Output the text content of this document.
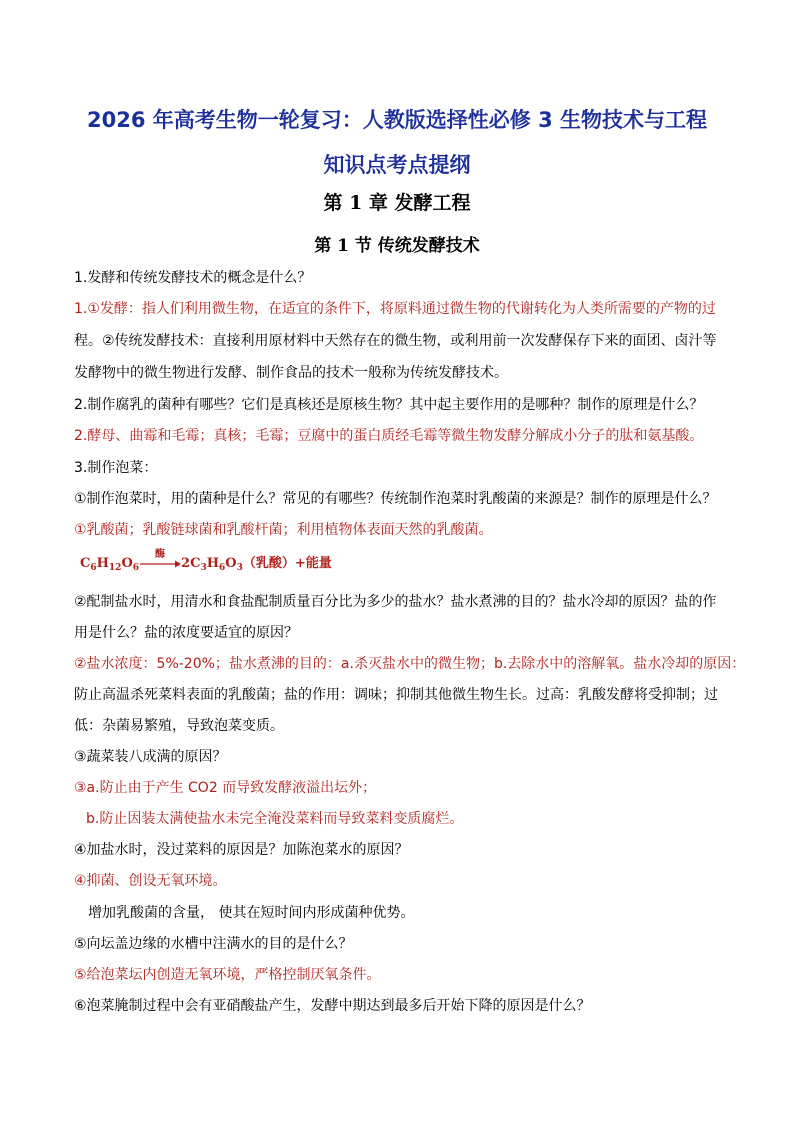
2026 年高考生物一轮复习：人教版选择性必修 3 生物技术与工程
知识点考点提纲
第 1 章 发酵工程
第 1 节 传统发酵技术
1.发酵和传统发酵技术的概念是什么？
1.①发酵：指人们利用微生物，在适宜的条件下，将原料通过微生物的代谢转化为人类所需要的产物的过
程。②传统发酵技术：直接利用原材料中天然存在的微生物，或利用前一次发酵保存下来的面团、卤汁等
发酵物中的微生物进行发酵、制作食品的技术一般称为传统发酵技术。
2.制作腐乳的菌种有哪些？它们是真核还是原核生物？其中起主要作用的是哪种？制作的原理是什么？
2.酵母、曲霉和毛霉；真核；毛霉；豆腐中的蛋白质经毛霉等微生物发酵分解成小分子的肽和氨基酸。
3.制作泡菜：
①制作泡菜时，用的菌种是什么？常见的有哪些？传统制作泡菜时乳酸菌的来源是？制作的原理是什么？
①乳酸菌；乳酸链球菌和乳酸杆菌；利用植物体表面天然的乳酸菌。
$C_6H_{12}O_6$
酶
$2C_3H_6O_3$（乳酸）+能量
②配制盐水时，用清水和食盐配制质量百分比为多少的盐水？盐水煮沸的目的？盐水冷却的原因？盐的作
用是什么？盐的浓度要适宜的原因？
②盐水浓度：5%-20%；盐水煮沸的目的：a.杀灭盐水中的微生物；b.去除水中的溶解氧。盐水冷却的原因：
防止高温杀死菜料表面的乳酸菌；盐的作用：调味；抑制其他微生物生长。过高：乳酸发酵将受抑制；过
低：杂菌易繁殖，导致泡菜变质。
③蔬菜装八成满的原因？
③a.防止由于产生 CO2 而导致发酵液溢出坛外；
b.防止因装太满使盐水未完全淹没菜料而导致菜料变质腐烂。
④加盐水时，没过菜料的原因是？加陈泡菜水的原因？
④抑菌、创设无氧环境。
增加乳酸菌的含量， 使其在短时间内形成菌种优势。
⑤向坛盖边缘的水槽中注满水的目的是什么？
⑤给泡菜坛内创造无氧环境，严格控制厌氧条件。
⑥泡菜腌制过程中会有亚硝酸盐产生，发酵中期达到最多后开始下降的原因是什么？
